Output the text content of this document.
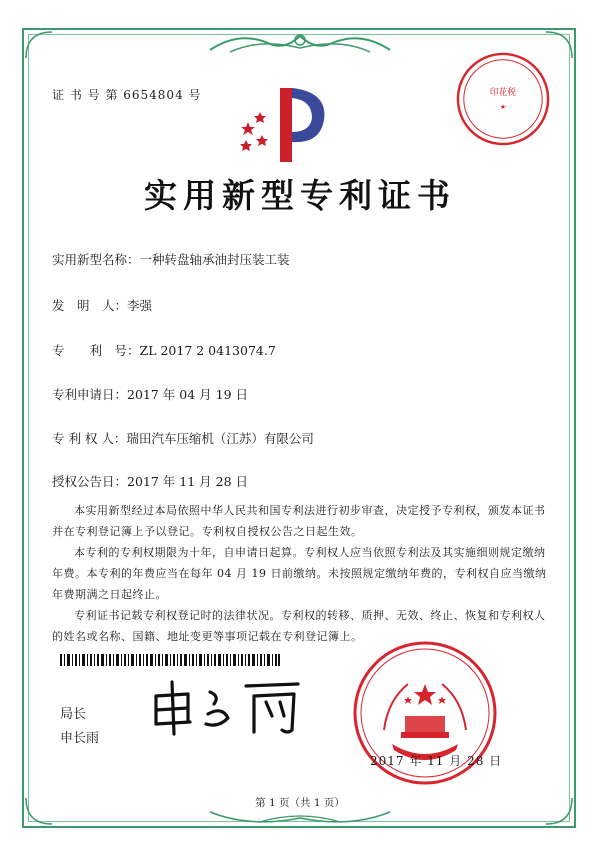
证 书 号 第 6654804 号	印花税
★
实用新型专利证书
实用新型名称：一种转盘轴承油封压装工装
发　明　人：李强
专　　利　号：ZL 2017 2 0413074.7
专利申请日：2017 年 04 月 19 日
专 利 权 人：瑞田汽车压缩机（江苏）有限公司
授权公告日：2017 年 11 月 28 日
本实用新型经过本局依照中华人民共和国专利法进行初步审查，决定授予专利权，颁发本证书并在专利登记簿上予以登记。专利权自授权公告之日起生效。
本专利的专利权期限为十年，自申请日起算。专利权人应当依照专利法及其实施细则规定缴纳年费。本专利的年费应当在每年 04 月 19 日前缴纳。未按照规定缴纳年费的，专利权自应当缴纳年费期满之日起终止。
专利证书记载专利权登记时的法律状况。专利权的转移、质押、无效、终止、恢复和专利权人的姓名或名称、国籍、地址变更等事项记载在专利登记簿上。
局长
申长雨
2017 年 11 月 28 日
第 1 页（共 1 页）
